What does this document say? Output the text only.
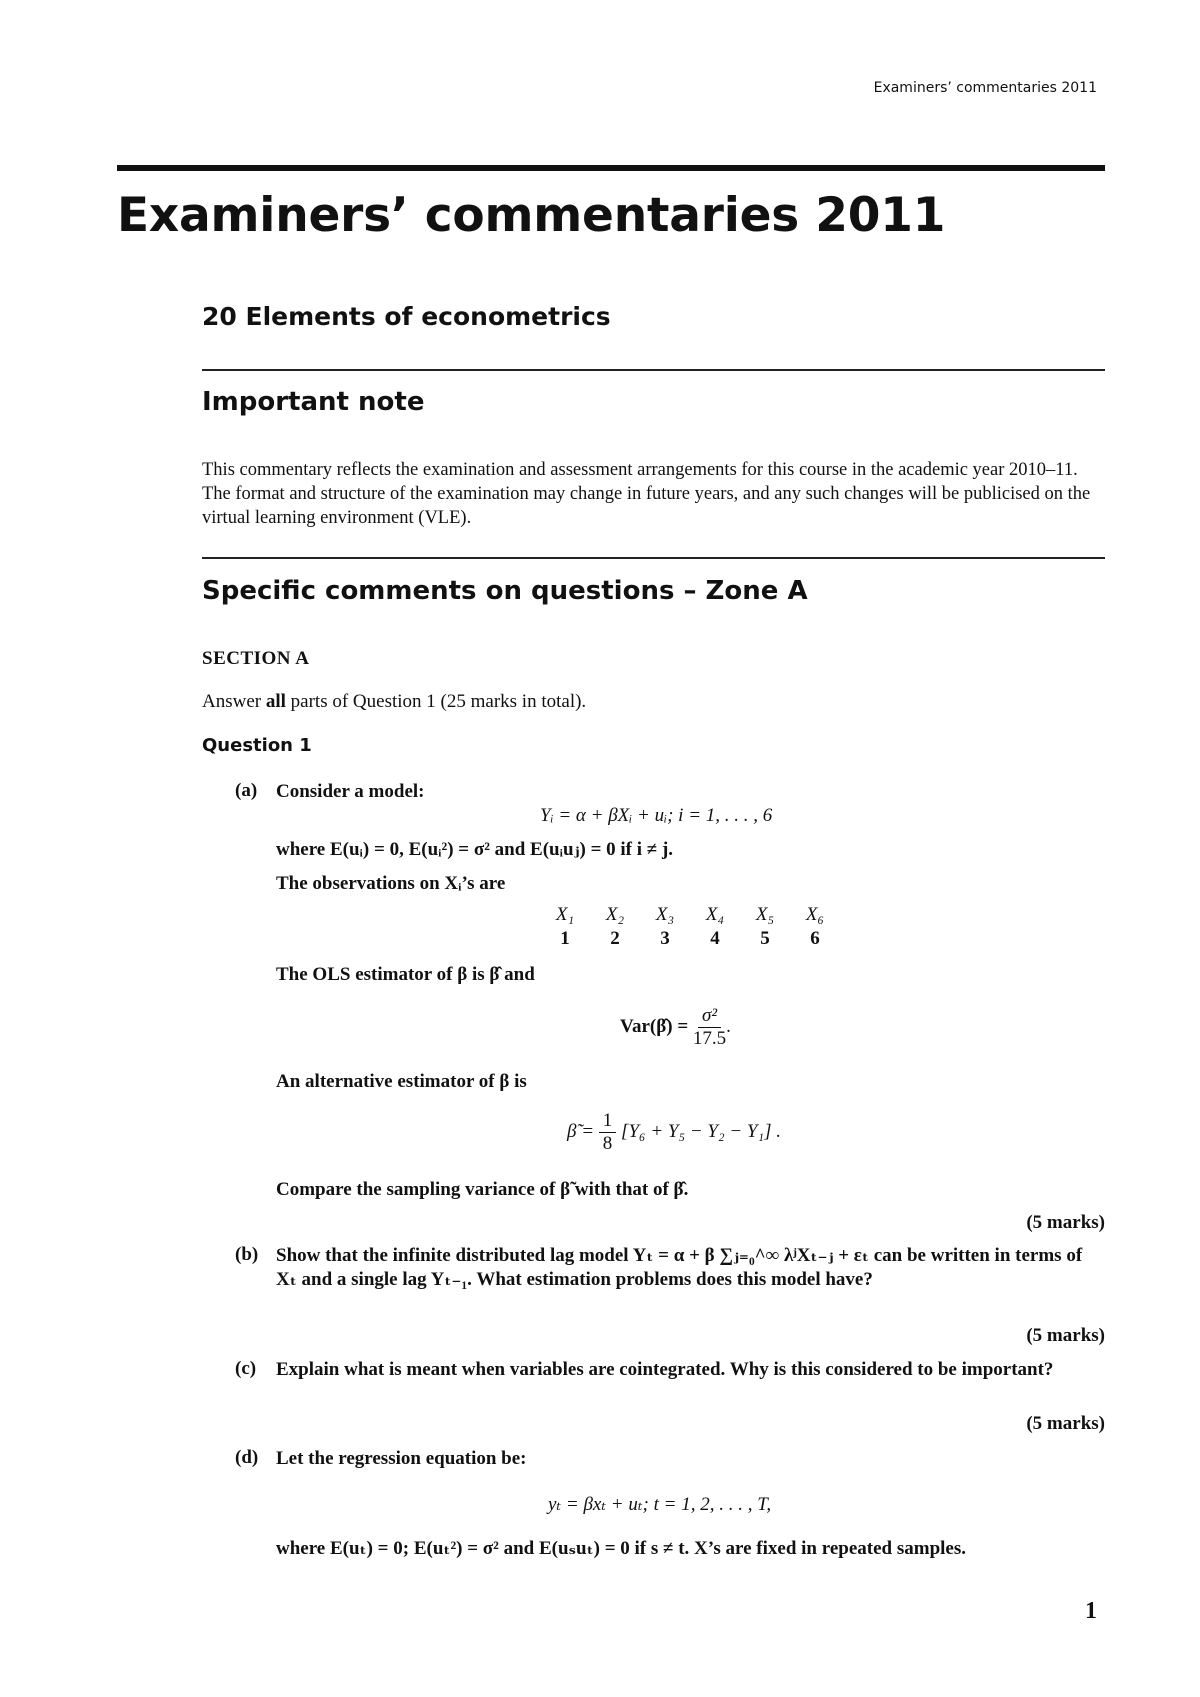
Examiners’ commentaries 2011
Examiners’ commentaries 2011
20 Elements of econometrics
Important note
This commentary reflects the examination and assessment arrangements for this course in the academic year 2010–11. The format and structure of the examination may change in future years, and any such changes will be publicised on the virtual learning environment (VLE).
Specific comments on questions – Zone A
SECTION A
Answer all parts of Question 1 (25 marks in total).
Question 1
(a) Consider a model:
Yᵢ = α + βXᵢ + uᵢ; i = 1, . . . , 6
where E(uᵢ) = 0, E(uᵢ²) = σ² and E(uᵢuⱼ) = 0 if i ≠ j.
The observations on Xᵢ’s are
X₁	X₂	X₃	X₄	X₅	X₆
1	2	3	4	5	6
The OLS estimator of β is β̂ and
Var(β̂) = $\frac{\text{σ²}}{17.5}$ .
An alternative estimator of β is
β̃ = $\frac{1}{8} [Y_6 + Y_5 - Y_2 - Y_1]$ .
Compare the sampling variance of β̃ with that of β̂.
(5 marks)
(b) Show that the infinite distributed lag model Yₜ = α + β ∑ⱼ₌₀^∞ λʲXₜ₋ⱼ + εₜ can be written in terms of Xₜ and a single lag Yₜ₋₁. What estimation problems does this model have?
(5 marks)
(c) Explain what is meant when variables are cointegrated. Why is this considered to be important?
(5 marks)
(d) Let the regression equation be:
yₜ = βxₜ + uₜ; t = 1, 2, . . . , T,
where E(uₜ) = 0; E(uₜ²) = σ² and E(uₛuₜ) = 0 if s ≠ t. X’s are fixed in repeated samples.
1
